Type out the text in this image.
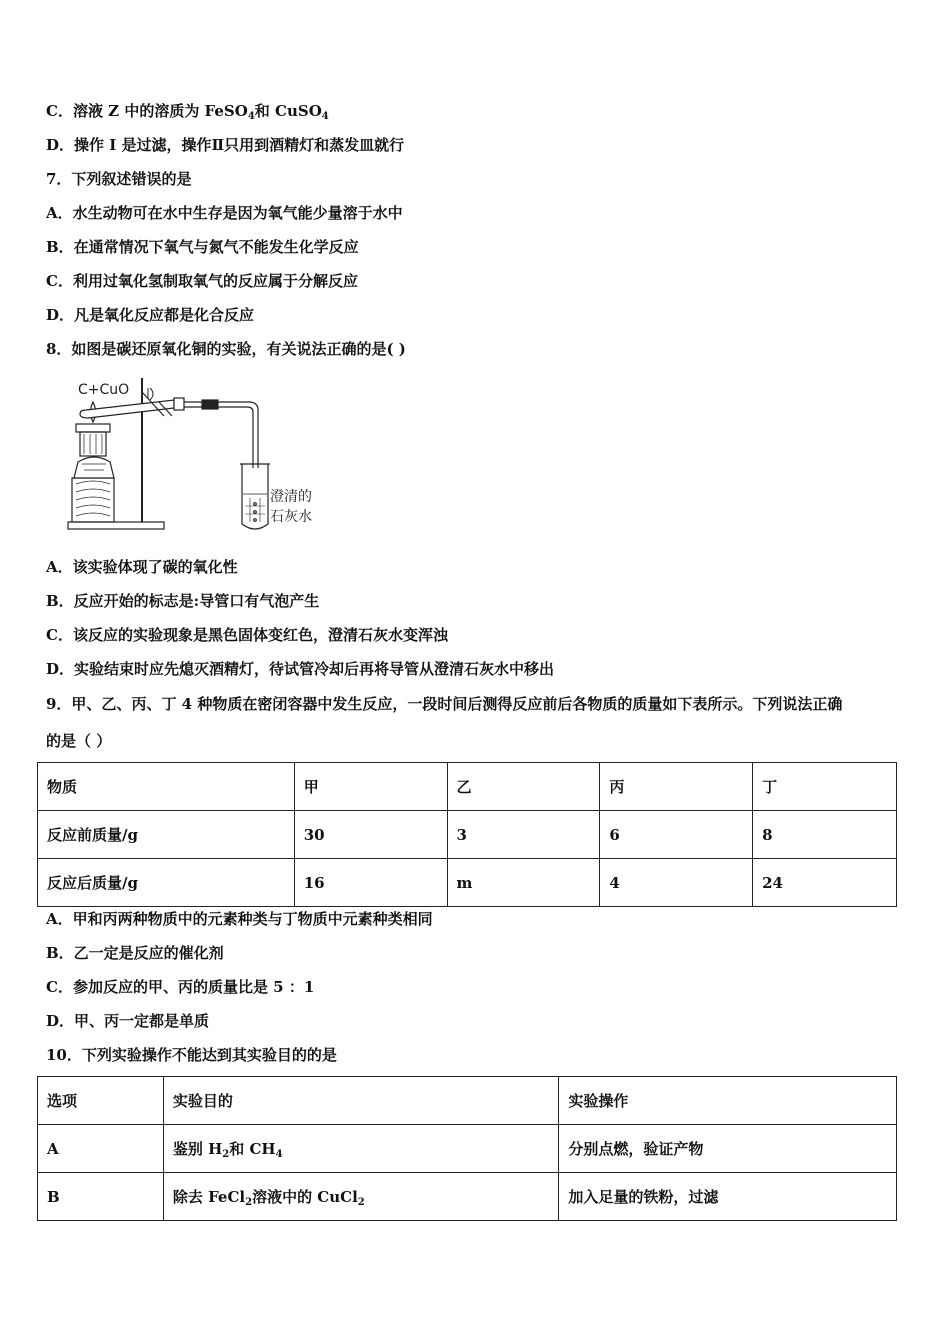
C．溶液 Z 中的溶质为 FeSO$_4$和 CuSO$_4$
D．操作 I 是过滤，操作Ⅱ只用到酒精灯和蒸发皿就行
7．下列叙述错误的是
A．水生动物可在水中生存是因为氧气能少量溶于水中
B．在通常情况下氧气与氮气不能发生化学反应
C．利用过氧化氢制取氧气的反应属于分解反应
D．凡是氧化反应都是化合反应
8．如图是碳还原氧化铜的实验，有关说法正确的是( )
C+CuO
澄清的
石灰水
A．该实验体现了碳的氧化性
B．反应开始的标志是:导管口有气泡产生
C．该反应的实验现象是黑色固体变红色，澄清石灰水变浑浊
D．实验结束时应先熄灭酒精灯，待试管冷却后再将导管从澄清石灰水中移出
9．甲、乙、丙、丁 4 种物质在密闭容器中发生反应，一段时间后测得反应前后各物质的质量如下表所示。下列说法正确
的是（ ）
物质	甲	乙	丙	丁
反应前质量/g	30	3	6	8
反应后质量/g	16	m	4	24
A．甲和丙两种物质中的元素种类与丁物质中元素种类相同
B．乙一定是反应的催化剂
C．参加反应的甲、丙的质量比是 5 ：1
D．甲、丙一定都是单质
10．下列实验操作不能达到其实验目的的是
选项	实验目的	实验操作
A	鉴别 $H_2$和 $CH_4$	分别点燃，验证产物
B	除去 FeCl$_2$溶液中的 CuCl$_2$	加入足量的铁粉，过滤
